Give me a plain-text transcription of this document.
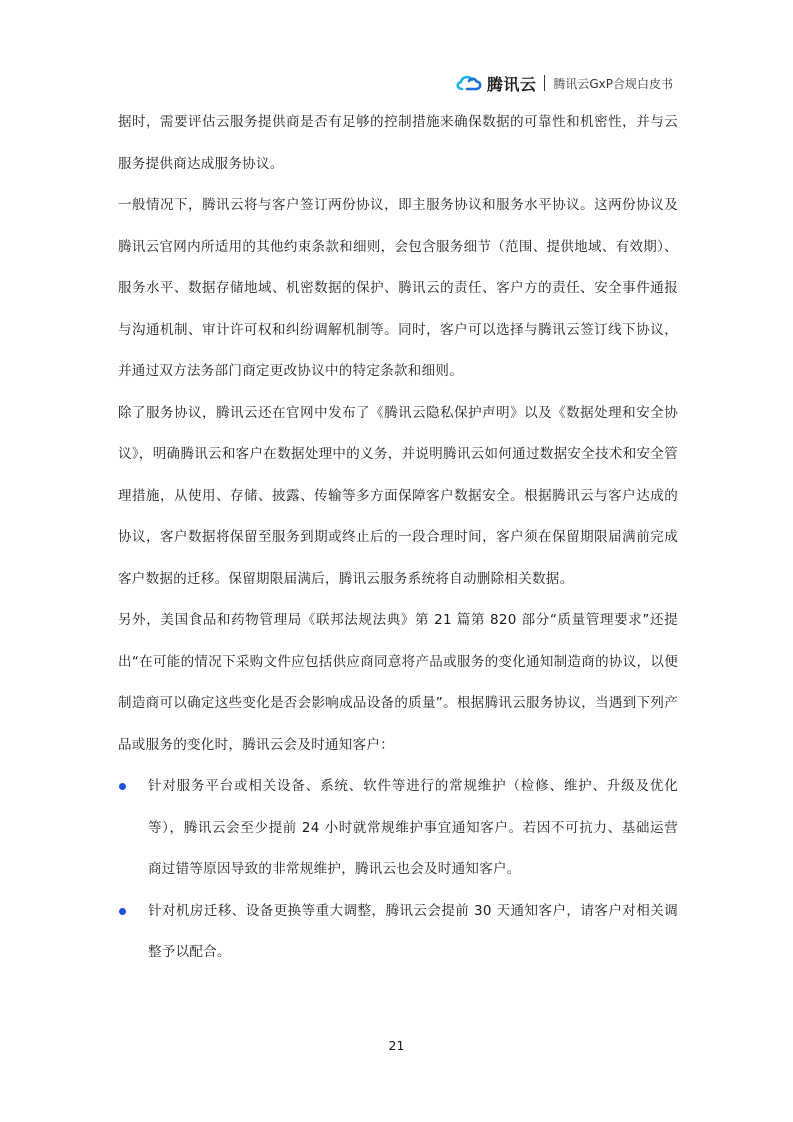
腾讯云 腾讯云GxP合规白皮书

据时，需要评估云服务提供商是否有足够的控制措施来确保数据的可靠性和机密性，并与云服务提供商达成服务协议。

一般情况下，腾讯云将与客户签订两份协议，即主服务协议和服务水平协议。这两份协议及腾讯云官网内所适用的其他约束条款和细则，会包含服务细节（范围、提供地域、有效期）、服务水平、数据存储地域、机密数据的保护、腾讯云的责任、客户方的责任、安全事件通报与沟通机制、审计许可权和纠纷调解机制等。同时，客户可以选择与腾讯云签订线下协议，并通过双方法务部门商定更改协议中的特定条款和细则。

除了服务协议，腾讯云还在官网中发布了《腾讯云隐私保护声明》以及《数据处理和安全协议》，明确腾讯云和客户在数据处理中的义务，并说明腾讯云如何通过数据安全技术和安全管理措施，从使用、存储、披露、传输等多方面保障客户数据安全。根据腾讯云与客户达成的协议，客户数据将保留至服务到期或终止后的一段合理时间，客户须在保留期限届满前完成客户数据的迁移。保留期限届满后，腾讯云服务系统将自动删除相关数据。

另外，美国食品和药物管理局《联邦法规法典》第 21 篇第 820 部分“质量管理要求”还提出“在可能的情况下采购文件应包括供应商同意将产品或服务的变化通知制造商的协议，以便制造商可以确定这些变化是否会影响成品设备的质量”。根据腾讯云服务协议，当遇到下列产品或服务的变化时，腾讯云会及时通知客户：

针对服务平台或相关设备、系统、软件等进行的常规维护（检修、维护、升级及优化等），腾讯云会至少提前 24 小时就常规维护事宜通知客户。若因不可抗力、基础运营商过错等原因导致的非常规维护，腾讯云也会及时通知客户。
针对机房迁移、设备更换等重大调整，腾讯云会提前 30 天通知客户，请客户对相关调整予以配合。
21
